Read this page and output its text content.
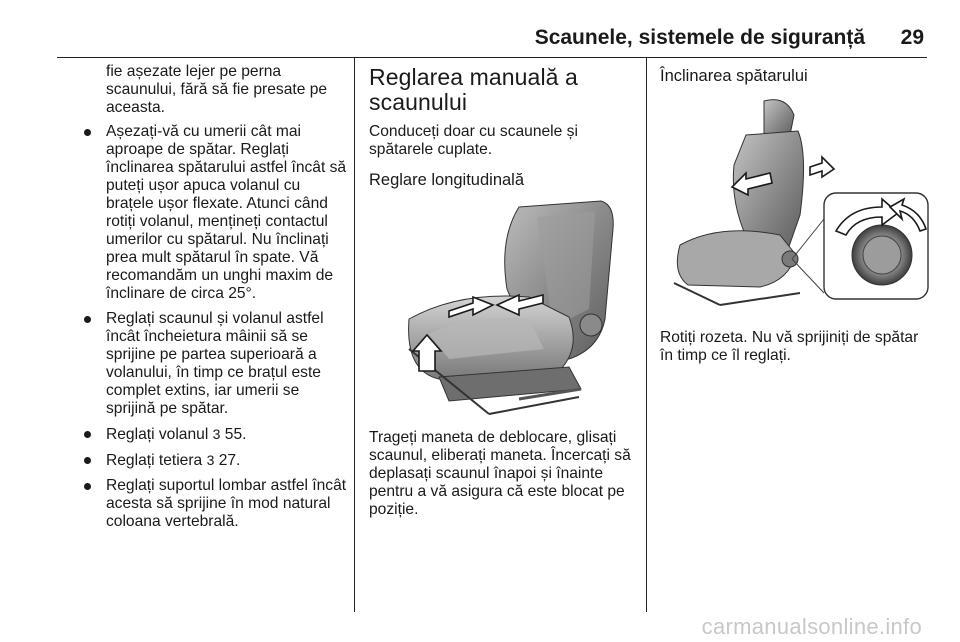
Scaunele, sistemele de siguranță 29

fie așezate lejer pe perna scaunului, fără să fie presate pe aceasta.

Așezați-vă cu umerii cât mai aproape de spătar. Reglați înclinarea spătarului astfel încât să puteți ușor apuca volanul cu brațele ușor flexate. Atunci când rotiți volanul, mențineți contactul umerilor cu spătarul. Nu înclinați prea mult spătarul în spate. Vă recomandăm un unghi maxim de înclinare de circa 25°.
Reglați scaunul și volanul astfel încât încheietura mâinii să se sprijine pe partea superioară a volanului, în timp ce brațul este complet extins, iar umerii se sprijină pe spătar.
Reglați volanul 3 55.
Reglați tetiera 3 27.
Reglați suportul lombar astfel încât acesta să sprijine în mod natural coloana vertebrală.
Reglarea manuală a scaunului

Conduceți doar cu scaunele și spătarele cuplate.

Reglare longitudinală

Trageți maneta de deblocare, glisați scaunul, eliberați maneta. Încercați să deplasați scaunul înapoi și înainte pentru a vă asigura că este blocat pe poziție.

Înclinarea spătarului

Rotiți rozeta. Nu vă sprijiniți de spătar în timp ce îl reglați.

carmanualsonline.info
